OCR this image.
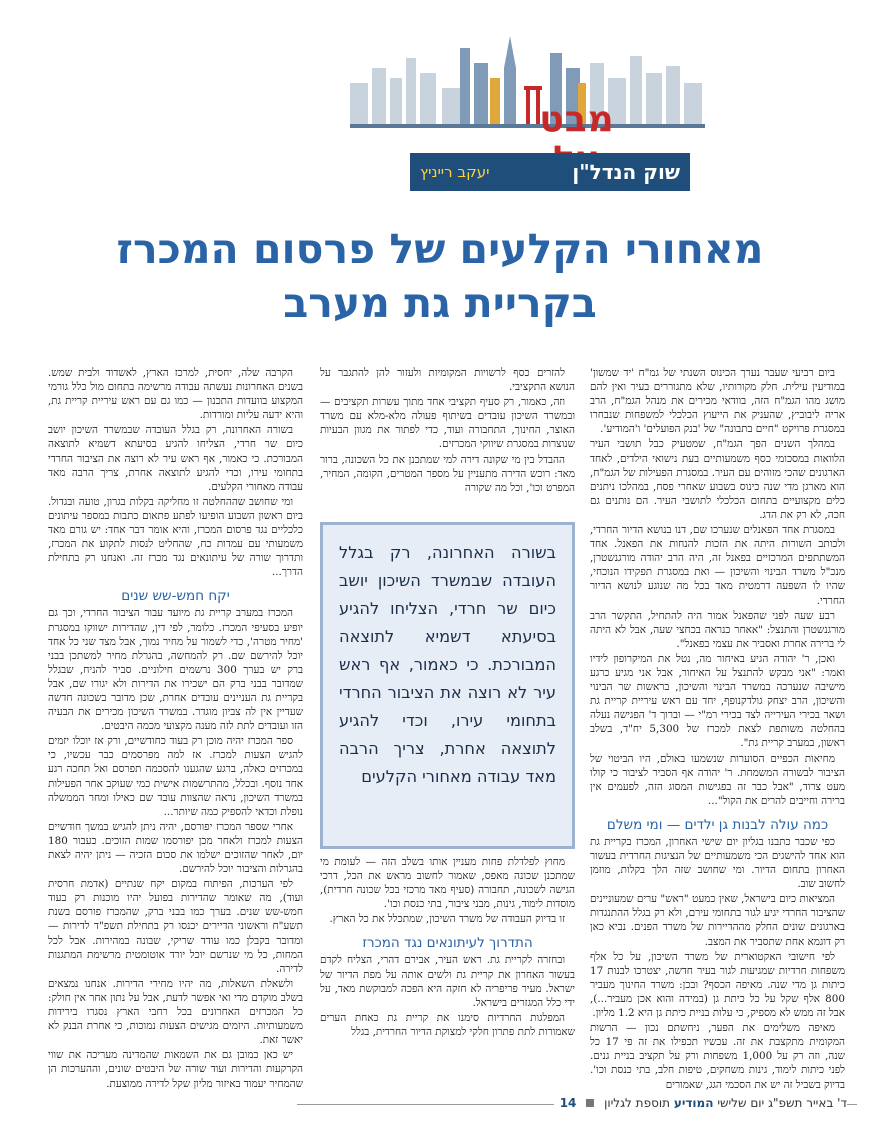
מבט
שוק הנדל"ן
יעקב רייניץ
מאחורי הקלעים של פרסום המכרז
בקריית גת מערב

ביום רביעי שעבר נערך הכינוס השנתי של גמ"ח 'יד שמשון' במודיעין עילית. חלק מקורותיו, שלא מתגוררים בעיר ואין להם מושג מהו הגמ"ח הזה, בוודאי מכירים את מנהל הגמ"ח, הרב אריה ליבוביץ, שהעניק את הייעוץ הכלכלי למשפחות שנבחרו במסגרת פרויקט "חיים בתבונה" של 'בנק הפועלים' ו'המודיע'.

במהלך השנים הפך הגמ"ח, שמטעיק כבל תושבי העיר הלוואות במסכומי כסף משמעותיים בעת נישואי הילדים, לאחד הארגונים שהכי מזוהים עם העיר. במסגרת הפעילות של הגמ"ח, הוא מארגן מדי שנה כינוס בשבוע שאחרי פסח, במהלכו ניתנים כלים מקצועיים בתחום הכלכלי לתושבי העיר. הם נותנים גם חכה, לא רק את הדג.

במסגרת אחד הפאנלים שנערכו שם, דנו בנושא הדיור החרדי, ולכותב השורות היתה את הזכות להנחות את הפאנל. אחד המשתתפים המרכזיים בפאנל זה, היה הרב יהודה מורגנשטרן, מנכ"ל משרד הבינוי והשיכון — ואת במסגרת תפקידו הנוכחי, שהיו לו השפעה דרמטית מאד בכל מה שנוגע לנושא הדיור החרדי.

רבע שעה לפני שהפאנל אמור היה להתחיל, התקשר הרב מורגנשטרן והתנצל: "אאחר כנראה בכחצי שעה, אבל לא היתה לי ברירה אחרת ואסביר את עצמי בפאנל".

ואכן, ר' יהודה הגיע באיחור מה, נטל את המיקרופון לידיו ואמר: "אני מבקש להתנצל על האיחור, אבל אני מגיע כרגע מישיבה שנערכה במשרד הבינוי והשיכון, בראשות שר הבינוי והשיכון, הרב יצחק גולדקנופף, יחד עם ראש עיריית קריית גת ושאר בכירי העירייה לצד בכירי רמ"י — וברוך ד' הפגישה נעלה בהחלטה משותפת לצאת למכרז של 5,300 יח"ד, בשלב ראשון, במערב קריית גת".

מחיאות הכפיים הסוערות שנשמעו באולם, היו הביטוי של הציבור לבשורה המשמחת. ר' יהודה אף הסביר לציבור כי קולו מעט צרוד, "אבל כבר זה בפגישות המסוג הזה, לפעמים אין ברירה וחייבים להרים את הקול"...

כמה עולה לבנות גן ילדים — ומי משלם

כפי שכבר כתבנו בגליון יום שישי האחרון, המכרז בקריית גת הוא אחד להישגים הכי משמעותיים של הנציגות החרדית בעשור האחרון בתחום הדיור. ומי שחושב שזה הלך בקלות, מוזמן לחשוב שוב.

המציאות כיום בישראל, שאין כמעט "ראש" ערים שמעוניינים שהציבור החרדי יגיע לגור בתחומי עירם, ולא רק בגלל ההתנגדות בארגונים שונים החלק מההדיירות של משרד הפנים. נביא כאן רק דוגמא אחת שתסביר את המצב.

לפי חישובי האקטוארית של משרד השיכון, על כל אלף משפחות חרדיות שמגיעות לגור בעיר חדשה, יצטרכו לבנות 17 כיתות גן מדי שנה. מאיפה הכסף? ובכן: משרד החינוך מעביר 800 אלף שקל על כל כיתת גן (במידה והוא אכן מעביר...), אבל זה ממש לא מספיק, כי עלות בניית כיתת גן היא 1.2 מליון.

מאיפה משלימים את הפער, ניחשתם נכון — הרשות המקומית מתקצבת את זה. עכשיו תכפילו את זה פי 17 כל שנה, וזה רק על 1,000 משפחות ורק על תקציב בניית גנים. לפני כיתות לימוד, גינות משחקים, טיפות חלב, בתי כנסת וכו'. בדיוק בשביל זה יש את הסכמי הגג, שאמורים

להזרים כסף לרשויות המקומיות ולעזור להן להתגבר על הנושא התקציבי.

וזה, כאמור, רק סעיף תקציבי אחד מתוך עשרות תקציבים — ובמשרד השיכון עובדים בשיתוף פעולה מלא-מלא עם משרד האוצר, החינוך, התחבורה ועוד, כדי לפתור את מגוון הבעיות שנוצרות במסגרת שיווקי המכרזים.

ההבדל בין מי שקונה דירה למי שמתכנן את כל השכונה, ברור מאד: רוכש הדירה מתעניין על מספר המטרים, הקומה, המחיר, המפרט וכו', וכל מה שקורה

בשורה האחרונה, רק בגלל העובדה שבמשרד השיכון יושב כיום שר חרדי, הצליחו להגיע בסיעתא דשמיא לתוצאה המבורכת. כי כאמור, אף ראש עיר לא רוצה את הציבור החרדי בתחומי עירו, וכדי להגיע לתוצאה אחרת, צריך הרבה מאד עבודה מאחורי הקלעים

מחוץ לפלדלת פחות מעניין אותו בשלב הזה — לעומת מי שמתכנן שכונה מאפס, שאמור לחשוב מראש את הכל, דרכי הגישה לשכונה, תחבורה (סעיף מאד מרכזי בכל שכונה חרדית), מוסדות לימוד, גינות, מבני ציבור, בתי כנסת וכו'.

זו בדיוק העבודה של משרד השיכון, שמתכלל את כל הארץ.

התדרוך לעיתונאים נגד המכרז

ובחזרה לקריית גת. ראש העיר, אבירם דהרי, הצליח לקדם בעשור האחרון את קריית גת ולשים אותה על מפת הדיור של ישראל. מעיר פריפריה לא חזקה היא הפכה למבוקשת מאד, על ידי כלל המגזרים בישראל.

המפלגות החרדיות סימנו את קריית גת כאחת הערים שאמורות לתת פתרון חלקי למצוקת הדיור החרדית, בגלל

הקרבה שלה, יחסית, למרכז הארץ, לאשדוד ולבית שמש. בשנים האחרונות נעשתה עבודה מרשימה בתחום מול כלל גורמי המקצוע בוועדות התכנון — כמו גם עם ראש עיריית קריית גת, והיא ידעה עליות ומורדות.

בשורה האחרונה, רק בגלל העובדה שבמשרד השיכון יושב כיום שר חרדי, הצליחו להגיע בסיעתא דשמיא לתוצאה המבורכת. כי כאמור, אף ראש עיר לא רוצה את הציבור החרדי בתחומי עירו, וכדי להגיע לתוצאה אחרת, צריך הרבה מאד עבודה מאחורי הקלעים.

ומי שחושב שההחלטה זו מחליקה בקלות בגרון, טועה ובגדול. ביום ראשון השבוע הופיעו לפתע פתאום כתבות במספר עיתונים כלכליים נגד פרסום המכרז, והיא אומר דבר אחד: יש גורם מאד משמעותי עם עמדות כח, שהחליט לנסות לתקוע את המכרז, ותדרוך שורה של עיתונאים נגד מכרז זה. ואנחנו רק בתחילת הדרך...

יקח חמש-שש שנים

המכרז במערב קריית גת מיועד עבור הציבור החרדי, וכך גם יופיע בסעיפי המכרז. כלומר, לפי דין, שהדירות ישווקו במסגרת 'מחיר מטרה', כדי לשמור על מחיר נמוך, אבל מצד שני כל אחד יוכל להירשם שם. רק להמחשה, בהגרלת מחיר למשתכן בבני ברק יש בערך 300 נרשמים חילוניים. סביר להניח, שבגלל שמדובר בבני ברק הם ישכירו את הדירות ולא יגורו שם, אבל בקריית גת העניינים עובדים אחרת, שכן מדובר בשכונה חדשה שעדיין אין לה צביון מוגדר. במשרד השיכון מכירים את הבעיה הזו ועובדים לתת לזה מענה מקצועי מכמה היבטים.

ספר המכרז יהיה מוכן רק בעוד כחודשיים, ורק אז יוכלו יזמים להגיש הצעות למכרז. אז למה מפרסמים כבר עכשיו, כי במכרזים כאלה, ברגע שהגענו להסכמה תפרסם ואל תחכה רגע אחד נוסף. ובכלל, מהתרשמות אישית כמי שעוקב אחר הפעילות במשרד השיכון, נראה שהצוות עובד שם כאילו ומחר הממשלה נופלת וכדאי להספיק כמה שיותר...

אחרי שספר המכרז יפורסם, יהיה ניתן להגיש במשך חודשיים הצעות למכרז ולאחר מכן יפורסמו שמות הזוכים. כעבור 180 יום, לאחר שהזוכים ישלמו את סכום הזכיה — ניתן יהיה לצאת בהגרלות והציבור יוכל להירשם.

לפי הערכות, הפיתוח במקום יקח שנתיים (אדמת חרסית ועוד), מה שאומר שהדירות בפועל יהיו מוכנות רק בעוד חמש-שש שנים. בערך כמו בבני ברק, שהמכרז פורסם בשנת תשע"ח וראשוני הדיירים יכנסו רק בתחילת תשפ"ד לדירות — ומדובר בקבלן כמו עודד שריקי, שבונה במהירות. אבל לכל המחות, כל מי שנרשם יוכל יורד אוטומטית מרשימת המתגנות לדירה.

ולשאלת השאלות, מה יהיו מחירי הדירות. אנחנו נמצאים בשלב מוקדם מדי ואי אפשר לדעת, אבל על נתון אחר אין חולק: כל המכרזים האחרונים בכל רחבי הארץ נסגרו בירידות משמעותיות. היזמים מגישים הצעות נמוכות, כי אחרת הבנק לא יאשר זאת.

יש כאן כמובן גם את השמאות שהמדינה מעריכה את שווי הקרקעות והדירות ועוד שורה של היבטים שונים, וההערכות הן שהמחיר יעמוד באיזור מליון שקל לדירה ממוצעת.

ד' באייר תשפ"ג יום שלישי המודיע תוספת לגליון  14
